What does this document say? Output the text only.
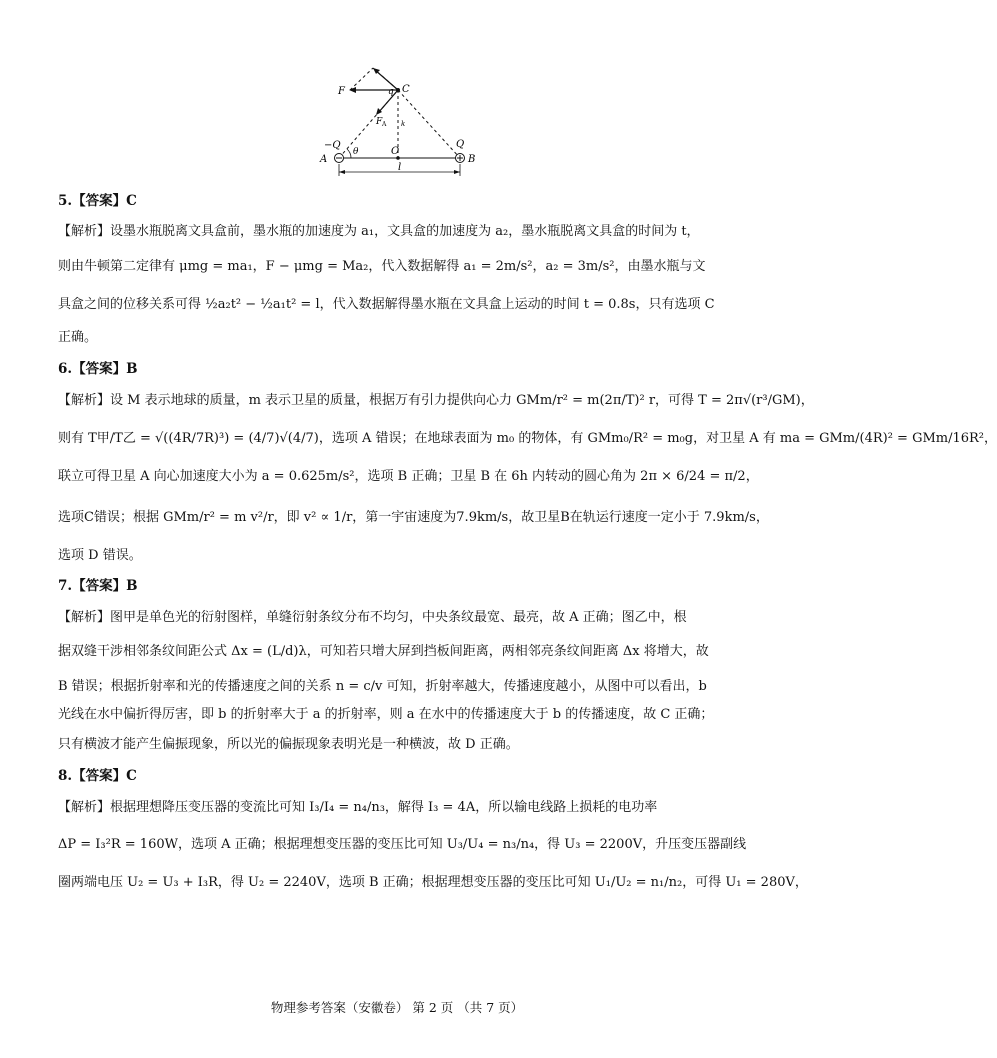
F	C
q
F A k
−Q
A
θ	O
Q
B
l
5.【答案】C
【解析】设墨水瓶脱离文具盒前，墨水瓶的加速度为 a₁，文具盒的加速度为 a₂，墨水瓶脱离文具盒的时间为 t，
则由牛顿第二定律有 μmg = ma₁，F − μmg = Ma₂，代入数据解得 a₁ = 2m/s²，a₂ = 3m/s²，由墨水瓶与文
具盒之间的位移关系可得 ½a₂t² − ½a₁t² = l，代入数据解得墨水瓶在文具盒上运动的时间 t = 0.8s，只有选项 C
正确。
6.【答案】B
【解析】设 M 表示地球的质量，m 表示卫星的质量，根据万有引力提供向心力 GMm/r² = m(2π/T)² r，可得 T = 2π√(r³/GM)，
则有 T甲/T乙 = √((4R/7R)³) = (4/7)√(4/7)，选项 A 错误；在地球表面为 m₀ 的物体，有 GMm₀/R² = m₀g，对卫星 A 有 ma = GMm/(4R)² = GMm/16R²，
联立可得卫星 A 向心加速度大小为 a = 0.625m/s²，选项 B 正确；卫星 B 在 6h 内转动的圆心角为 2π × 6/24 = π/2，
选项C错误；根据 GMm/r² = m v²/r，即 v² ∝ 1/r，第一宇宙速度为7.9km/s，故卫星B在轨运行速度一定小于 7.9km/s，
选项 D 错误。
7.【答案】B
【解析】图甲是单色光的衍射图样，单缝衍射条纹分布不均匀，中央条纹最宽、最亮，故 A 正确；图乙中，根
据双缝干涉相邻条纹间距公式 Δx = (L/d)λ，可知若只增大屏到挡板间距离，两相邻亮条纹间距离 Δx 将增大，故
B 错误；根据折射率和光的传播速度之间的关系 n = c/v 可知，折射率越大，传播速度越小，从图中可以看出，b
光线在水中偏折得厉害，即 b 的折射率大于 a 的折射率，则 a 在水中的传播速度大于 b 的传播速度，故 C 正确；
只有横波才能产生偏振现象，所以光的偏振现象表明光是一种横波，故 D 正确。
8.【答案】C
【解析】根据理想降压变压器的变流比可知 I₃/I₄ = n₄/n₃，解得 I₃ = 4A，所以输电线路上损耗的电功率
ΔP = I₃²R = 160W，选项 A 正确；根据理想变压器的变压比可知 U₃/U₄ = n₃/n₄，得 U₃ = 2200V，升压变压器副线
圈两端电压 U₂ = U₃ + I₃R，得 U₂ = 2240V，选项 B 正确；根据理想变压器的变压比可知 U₁/U₂ = n₁/n₂，可得 U₁ = 280V，
物理参考答案（安徽卷） 第 2 页 （共 7 页）
